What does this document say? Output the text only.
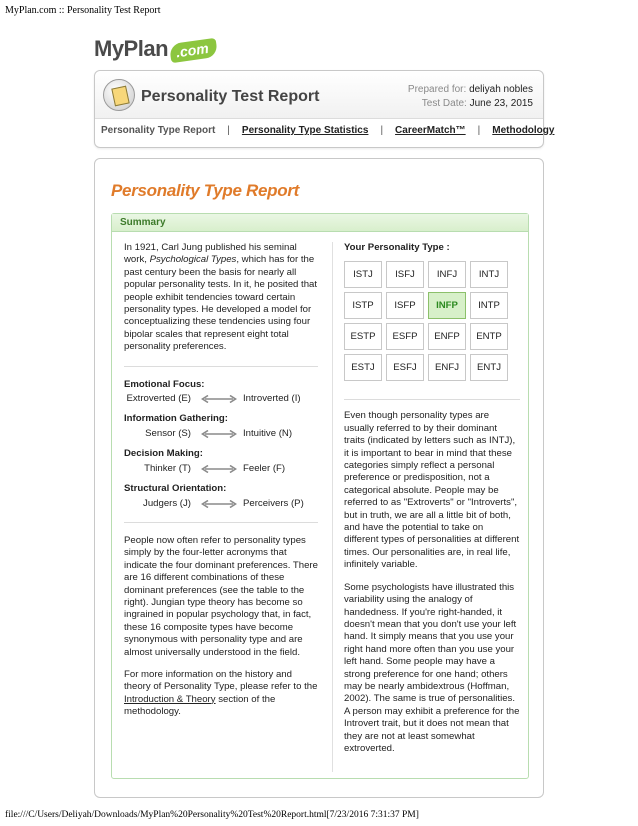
MyPlan.com :: Personality Test Report
MyPlan .com
Personality Test Report	Prepared for: deliyah nobles
Test Date: June 23, 2015
Personality Type Report | Personality Type Statistics | CareerMatch™ | Methodology
Personality Type Report
Summary

In 1921, Carl Jung published his seminal work, Psychological Types, which has for the past century been the basis for nearly all popular personality tests. In it, he posited that people exhibit tendencies toward certain personality types. He developed a model for conceptualizing these tendencies using four bipolar scales that represent eight total personality preferences.

Emotional Focus:
Extroverted (E)	Introverted (I)
Information Gathering:
Sensor (S)	Intuitive (N)
Decision Making:
Thinker (T)	Feeler (F)
Structural Orientation:
Judgers (J)	Perceivers (P)

People now often refer to personality types simply by the four-letter acronyms that indicate the four dominant preferences. There are 16 different combinations of these dominant preferences (see the table to the right). Jungian type theory has become so ingrained in popular psychology that, in fact, these 16 composite types have become synonymous with personality type and are almost universally understood in the field.

For more information on the history and theory of Personality Type, please refer to the Introduction & Theory section of the methodology.

Your Personality Type :
ISTJ	ISFJ	INFJ	INTJ
ISTP	ISFP	INFP	INTP
ESTP	ESFP	ENFP	ENTP
ESTJ	ESFJ	ENFJ	ENTJ

Even though personality types are usually referred to by their dominant traits (indicated by letters such as INTJ), it is important to bear in mind that these categories simply reflect a personal preference or predisposition, not a categorical absolute. People may be referred to as "Extroverts" or "Introverts", but in truth, we are all a little bit of both, and have the potential to take on different types of personalities at different times. Our personalities are, in real life, infinitely variable.

Some psychologists have illustrated this variability using the analogy of handedness. If you're right-handed, it doesn't mean that you don't use your left hand. It simply means that you use your right hand more often than you use your left hand. Some people may have a strong preference for one hand; others may be nearly ambidextrous (Hoffman, 2002). The same is true of personalities. A person may exhibit a preference for the Introvert trait, but it does not mean that they are not at least somewhat extroverted.

file:///C/Users/Deliyah/Downloads/MyPlan%20Personality%20Test%20Report.html[7/23/2016 7:31:37 PM]
